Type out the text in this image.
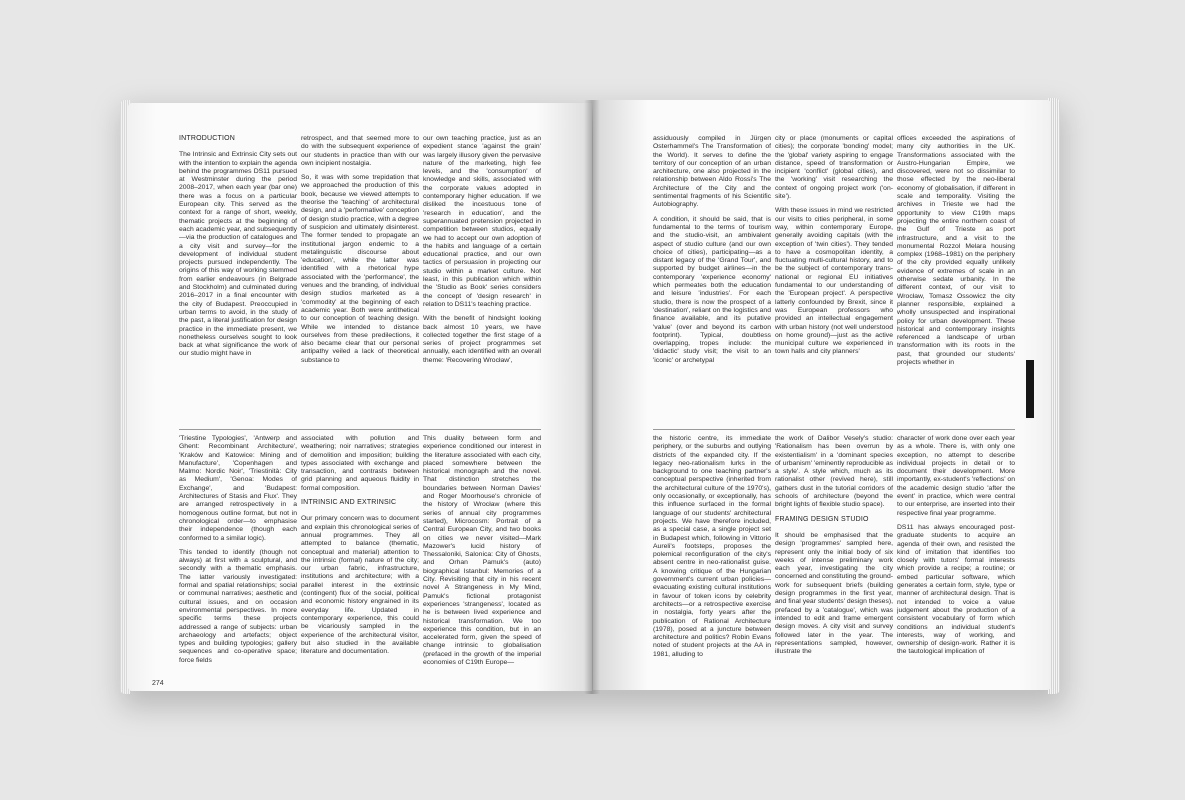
INTRODUCTION

The Intrinsic and Extrinsic City sets out with the intention to explain the agenda behind the programmes DS11 pursued at Westminster during the period 2008–2017, when each year (bar one) there was a focus on a particular European city. This served as the context for a range of short, weekly, thematic projects at the beginning of each academic year, and subsequently—via the production of catalogues and a city visit and survey—for the development of individual student projects pursued independently. The origins of this way of working stemmed from earlier endeavours (in Belgrade and Stockholm) and culminated during 2016–2017 in a final encounter with the city of Budapest. Preoccupied in urban terms to avoid, in the study of the past, a literal justification for design practice in the immediate present, we nonetheless ourselves sought to look back at what significance the work of our studio might have in

retrospect, and that seemed more to do with the subsequent experience of our students in practice than with our own incipient nostalgia.

So, it was with some trepidation that we approached the production of this book, because we viewed attempts to theorise the 'teaching' of architectural design, and a 'performative' conception of design studio practice, with a degree of suspicion and ultimately disinterest. The former tended to propagate an institutional jargon endemic to a metalinguistic discourse about 'education', while the latter was identified with a rhetorical hype associated with the 'performance', the venues and the branding, of individual design studios marketed as a 'commodity' at the beginning of each academic year. Both were antithetical to our conception of teaching design. While we intended to distance ourselves from these predilections, it also became clear that our personal antipathy veiled a lack of theoretical substance to

our own teaching practice, just as an expedient stance 'against the grain' was largely illusory given the pervasive nature of the marketing, high fee levels, and the 'consumption' of knowledge and skills, associated with the corporate values adopted in contemporary higher education. If we disliked the incestuous tone of 'research in education', and the superannuated pretension projected in competition between studios, equally we had to accept our own adoption of the habits and language of a certain educational practice, and our own tactics of persuasion in projecting our studio within a market culture. Not least, in this publication which within the 'Studio as Book' series considers the concept of 'design research' in relation to DS11's teaching practice.

With the benefit of hindsight looking back almost 10 years, we have collected together the first stage of a series of project programmes set annually, each identified with an overall theme: 'Recovering Wrocław',

'Triestine Typologies', 'Antwerp and Ghent: Recombinant Architecture', 'Kraków and Katowice: Mining and Manufacture', 'Copenhagen and Malmo: Nordic Noir', 'Triestinità: City as Medium', 'Genoa: Modes of Exchange', and 'Budapest: Architectures of Stasis and Flux'. They are arranged retrospectively in a homogenous outline format, but not in chronological order—to emphasise their independence (though each conformed to a similar logic).

This tended to identify (though not always) at first with a sculptural, and secondly with a thematic emphasis. The latter variously investigated: formal and spatial relationships; social or communal narratives; aesthetic and cultural issues, and on occasion environmental perspectives. In more specific terms these projects addressed a range of subjects: urban archaeology and artefacts; object types and building typologies; gallery sequences and co-operative space; force fields

associated with pollution and weathering; noir narratives; strategies of demolition and imposition; building types associated with exchange and transaction, and contrasts between grid planning and aqueous fluidity in formal composition.

INTRINSIC AND EXTRINSIC

Our primary concern was to document and explain this chronological series of annual programmes. They all attempted to balance (thematic, conceptual and material) attention to the intrinsic (formal) nature of the city; our urban fabric, infrastructure, institutions and architecture; with a parallel interest in the extrinsic (contingent) flux of the social, political and economic history engrained in its everyday life. Updated in contemporary experience, this could be vicariously sampled in the experience of the architectural visitor, but also studied in the available literature and documentation.

This duality between form and experience conditioned our interest in the literature associated with each city, placed somewhere between the historical monograph and the novel. That distinction stretches the boundaries between Norman Davies' and Roger Moorhouse's chronicle of the history of Wrocław (where this series of annual city programmes started), Microcosm: Portrait of a Central European City, and two books on cities we never visited—Mark Mazower's lucid history of Thessaloniki, Salonica: City of Ghosts, and Orhan Pamuk's (auto) biographical Istanbul: Memories of a City. Revisiting that city in his recent novel A Strangeness in My Mind, Pamuk's fictional protagonist experiences 'strangeness', located as he is between lived experience and historical transformation. We too experience this condition, but in an accelerated form, given the speed of change intrinsic to globalisation (prefaced in the growth of the imperial economies of C19th Europe—

274

assiduously compiled in Jürgen Osterhammel's The Transformation of the World). It serves to define the territory of our conception of an urban architecture, one also projected in the relationship between Aldo Rossi's The Architecture of the City and the sentimental fragments of his Scientific Autobiography.

A condition, it should be said, that is fundamental to the terms of tourism and the studio-visit, an ambivalent aspect of studio culture (and our own choice of cities), participating—as a distant legacy of the 'Grand Tour', and supported by budget airlines—in the contemporary 'experience economy' which permeates both the education and leisure 'industries'. For each studio, there is now the prospect of a 'destination', reliant on the logistics and finance available, and its putative 'value' (over and beyond its carbon footprint). Typical, doubtless overlapping, tropes include: the 'didactic' study visit; the visit to an 'iconic' or archetypal

city or place (monuments or capital cities); the corporate 'bonding' model; the 'global' variety aspiring to engage distance, speed of transformation or incipient 'conflict' (global cities), and the 'working' visit researching the context of ongoing project work ('on-site').

With these issues in mind we restricted our visits to cities peripheral, in some way, within contemporary Europe, generally avoiding capitals (with the exception of 'twin cities'). They tended to have a cosmopolitan identity, a fluctuating multi-cultural history, and to be the subject of contemporary trans-national or regional EU initiatives fundamental to our understanding of the 'European project'. A perspective latterly confounded by Brexit, since it was European professors who provided an intellectual engagement with urban history (not well understood on home ground)—just as the active municipal culture we experienced in town halls and city planners'

offices exceeded the aspirations of many city authorities in the UK. Transformations associated with the Austro-Hungarian Empire, we discovered, were not so dissimilar to those effected by the neo-liberal economy of globalisation, if different in scale and temporality. Visiting the archives in Trieste we had the opportunity to view C19th maps projecting the entire northern coast of the Gulf of Trieste as port infrastructure, and a visit to the monumental Rozzol Melara housing complex (1968–1981) on the periphery of the city provided equally unlikely evidence of extremes of scale in an otherwise sedate urbanity. In the different context, of our visit to Wrocław, Tomasz Ossowicz the city planner responsible, explained a wholly unsuspected and inspirational policy for urban development. These historical and contemporary insights referenced a landscape of urban transformation with its roots in the past, that grounded our students' projects whether in

the historic centre, its immediate periphery, or the suburbs and outlying districts of the expanded city. If the legacy neo-rationalism lurks in the background to one teaching partner's conceptual perspective (inherited from the architectural culture of the 1970's), only occasionally, or exceptionally, has this influence surfaced in the formal language of our students' architectural projects. We have therefore included, as a special case, a single project set in Budapest which, following in Vittorio Aureli's footsteps, proposes the polemical reconfiguration of the city's absent centre in neo-rationalist guise. A knowing critique of the Hungarian government's current urban policies—evacuating existing cultural institutions in favour of token icons by celebrity architects—or a retrospective exercise in nostalgia, forty years after the publication of Rational Architecture (1978), posed at a juncture between architecture and politics? Robin Evans noted of student projects at the AA in 1981, alluding to

the work of Dalibor Vesely's studio: 'Rationalism has been overrun by existentialism' in a 'dominant species of urbanism' 'eminently reproducible as a style'. A style which, much as its rationalist other (revived here), still gathers dust in the tutorial corridors of schools of architecture (beyond the bright lights of flexible studio space).

FRAMING DESIGN STUDIO

It should be emphasised that the design 'programmes' sampled here, represent only the initial body of six weeks of intense preliminary work each year, investigating the city concerned and constituting the ground-work for subsequent briefs (building design programmes in the first year, and final year students' design theses), prefaced by a 'catalogue', which was intended to edit and frame emergent design moves. A city visit and survey followed later in the year. The representations sampled, however, illustrate the

character of work done over each year as a whole. There is, with only one exception, no attempt to describe individual projects in detail or to document their development. More importantly, ex-student's 'reflections' on the academic design studio 'after the event' in practice, which were central to our enterprise, are inserted into their respective final year programme.

DS11 has always encouraged post-graduate students to acquire an agenda of their own, and resisted the kind of imitation that identifies too closely with tutors' formal interests which provide a recipe; a routine; or embed particular software, which generates a certain form, style, type or manner of architectural design. That is not intended to voice a value judgement about the production of a consistent vocabulary of form which conditions an individual student's interests, way of working, and ownership of design-work. Rather it is the tautological implication of
